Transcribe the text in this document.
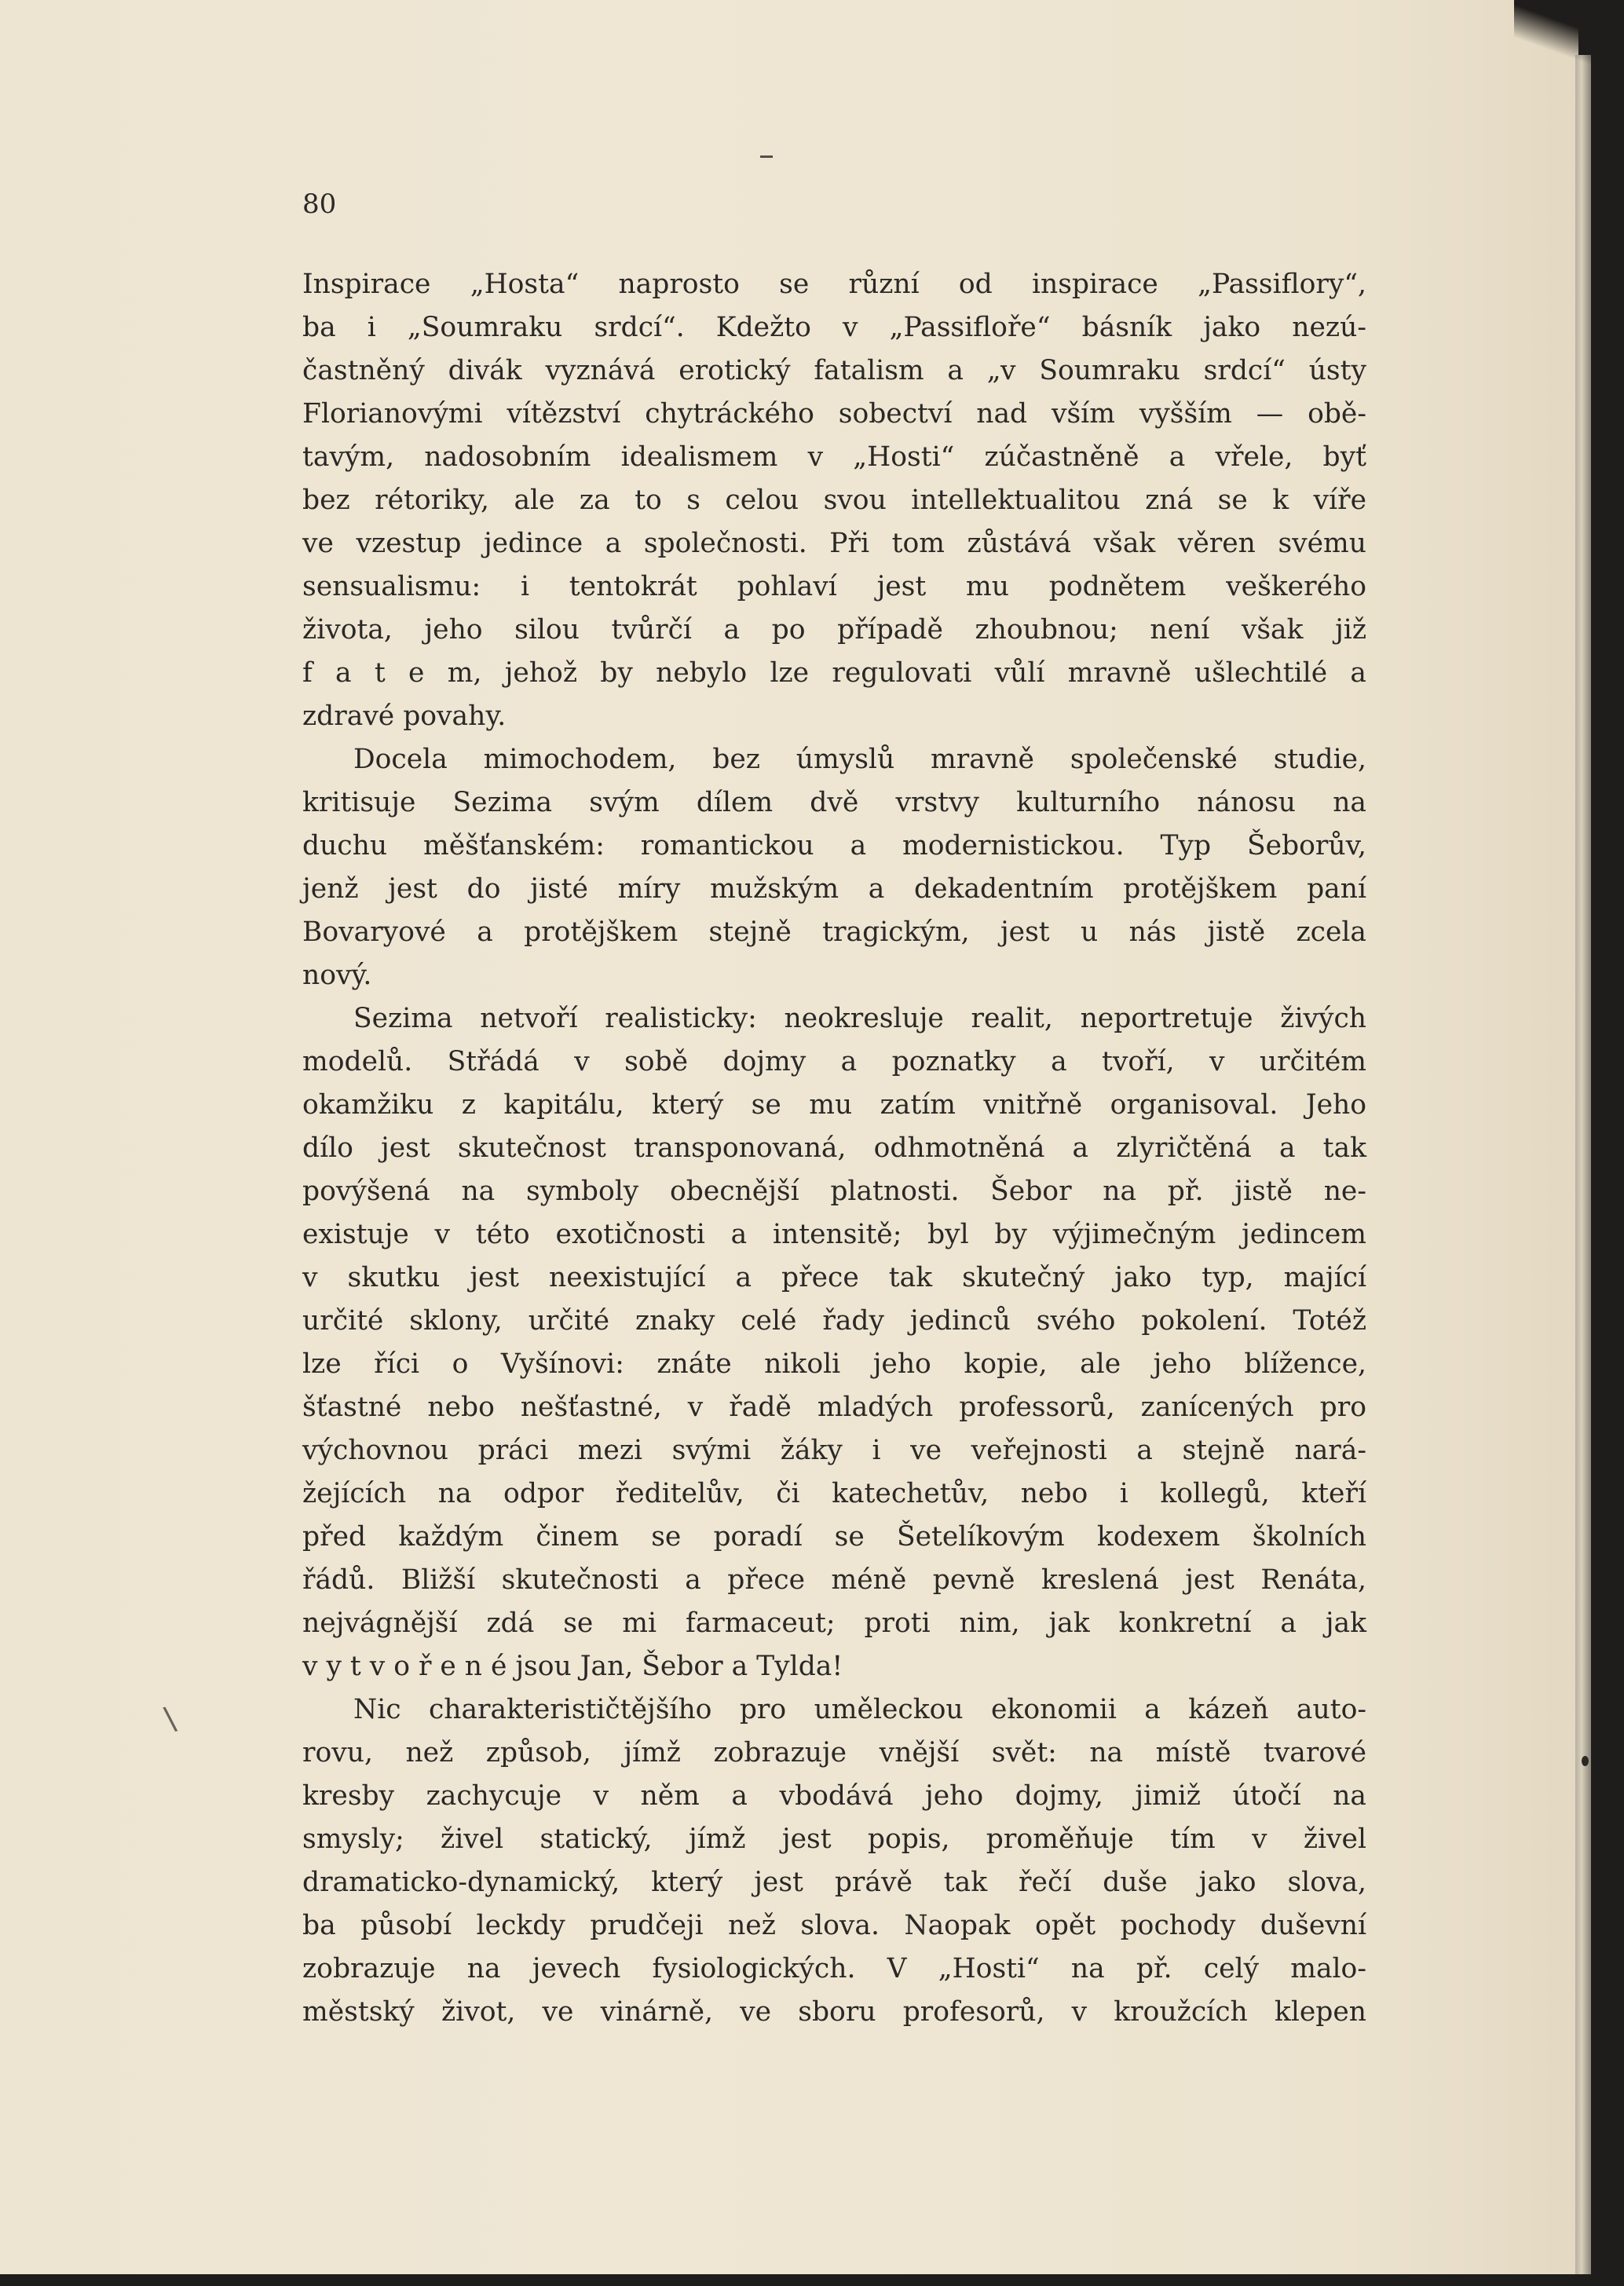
80

Inspirace „Hosta“ naprosto se různí od inspirace „Passiflory“,
ba i „Soumraku srdcí“. Kdežto v „Passifloře“ básník jako nezú-
častněný divák vyznává erotický fatalism a „v Soumraku srdcí“ ústy
Florianovými vítězství chytráckého sobectví nad vším vyšším — obě-
tavým, nadosobním idealismem v „Hosti“ zúčastněně a vřele, byť
bez rétoriky, ale za to s celou svou intellektualitou zná se k víře
ve vzestup jedince a společnosti. Při tom zůstává však věren svému
sensualismu: i tentokrát pohlaví jest mu podnětem veškerého
života, jeho silou tvůrčí a po případě zhoubnou; není však již
f a t e m, jehož by nebylo lze regulovati vůlí mravně ušlechtilé a
zdravé povahy.

Docela mimochodem, bez úmyslů mravně společenské studie,
kritisuje Sezima svým dílem dvě vrstvy kulturního nánosu na
duchu měšťanském: romantickou a modernistickou. Typ Šeborův,
jenž jest do jisté míry mužským a dekadentním protějškem paní
Bovaryové a protějškem stejně tragickým, jest u nás jistě zcela
nový.

Sezima netvoří realisticky: neokresluje realit, neportretuje živých
modelů. Střádá v sobě dojmy a poznatky a tvoří, v určitém
okamžiku z kapitálu, který se mu zatím vnitřně organisoval. Jeho
dílo jest skutečnost transponovaná, odhmotněná a zlyričtěná a tak
povýšená na symboly obecnější platnosti. Šebor na př. jistě ne-
existuje v této exotičnosti a intensitě; byl by výjimečným jedincem
v skutku jest neexistující a přece tak skutečný jako typ, mající
určité sklony, určité znaky celé řady jedinců svého pokolení. Totéž
lze říci o Vyšínovi: znáte nikoli jeho kopie, ale jeho blížence,
šťastné nebo nešťastné, v řadě mladých professorů, zanícených pro
výchovnou práci mezi svými žáky i ve veřejnosti a stejně nará-
žejících na odpor ředitelův, či katechetův, nebo i kollegů, kteří
před každým činem se poradí se Šetelíkovým kodexem školních
řádů. Bližší skutečnosti a přece méně pevně kreslená jest Renáta,
nejvágnější zdá se mi farmaceut; proti nim, jak konkretní a jak
v y t v o ř e n é jsou Jan, Šebor a Tylda!

Nic charakterističtějšího pro uměleckou ekonomii a kázeň auto-
rovu, než způsob, jímž zobrazuje vnější svět: na místě tvarové
kresby zachycuje v něm a vbodává jeho dojmy, jimiž útočí na
smysly; živel statický, jímž jest popis, proměňuje tím v živel
dramaticko-dynamický, který jest právě tak řečí duše jako slova,
ba působí leckdy prudčeji než slova. Naopak opět pochody duševní
zobrazuje na jevech fysiologických. V „Hosti“ na př. celý malo-
městský život, ve vinárně, ve sboru profesorů, v kroužcích klepen

\
